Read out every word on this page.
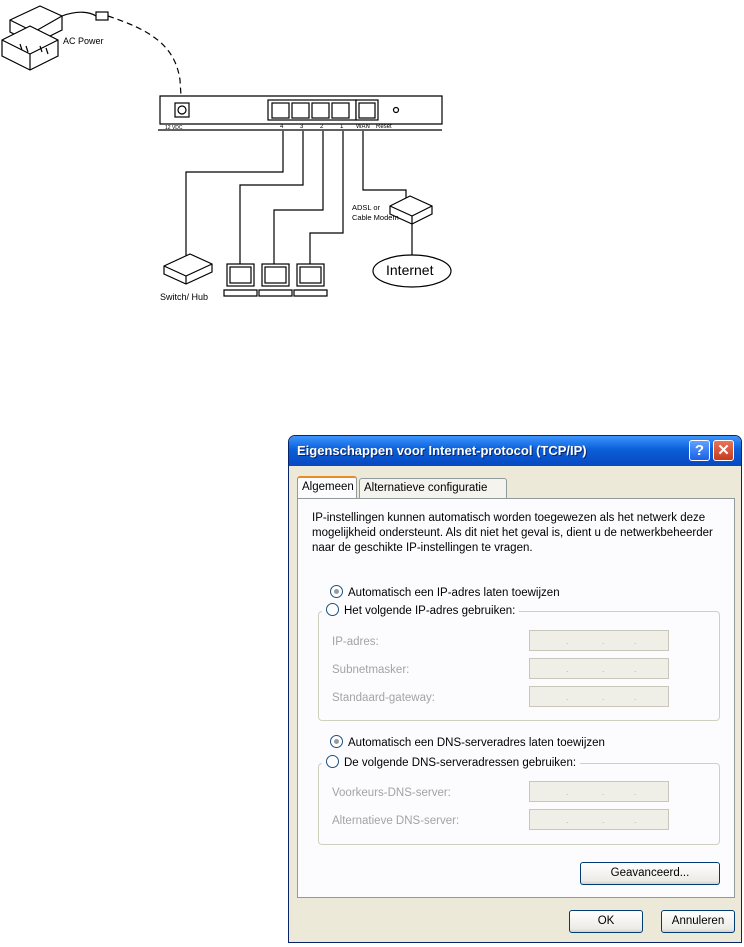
AC Power
12 VDC	4	3	2	1 WAN Reset
ADSL or
Cable Modem
Internet
Switch/ Hub
Eigenschappen voor Internet-protocol (TCP/IP)	? ✕
Algemeen Alternatieve configuratie
IP-instellingen kunnen automatisch worden toegewezen als het netwerk deze mogelijkheid ondersteunt. Als dit niet het geval is, dient u de netwerkbeheerder naar de geschikte IP-instellingen te vragen.
Automatisch een IP-adres laten toewijzen
Het volgende IP-adres gebruiken:
IP-adres:	.	.	.
Subnetmasker:	.	.	.
Standaard-gateway:	.	.	.
Automatisch een DNS-serveradres laten toewijzen
De volgende DNS-serveradressen gebruiken:
Voorkeurs-DNS-server:	.	.	.
Alternatieve DNS-server:	.	.	.
Geavanceerd...
OK	Annuleren
